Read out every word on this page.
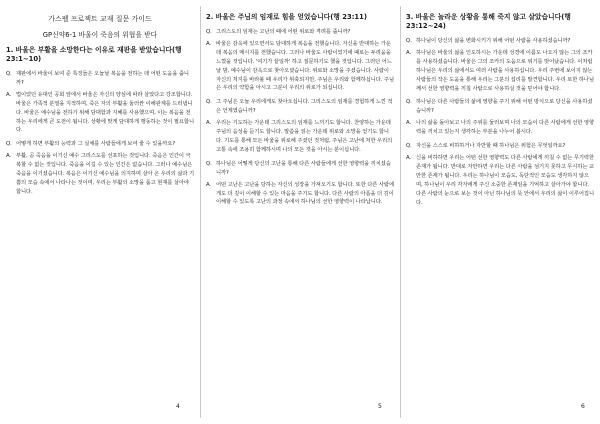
가스펠 프로젝트 교재 질문 가이드
GP신약6-1 바울이 죽음의 위협을 받다
1. 바울은 부활을 소망한다는 이유로 재판을 받았습니다(행23:1~10)
Q. 재판에서 바울이 보여 준 특징들은 오늘날 복음을 전하는 데 어떤 도움을 줍니까?
A. 법이었던 유대인 공회 앞에서 바울은 자신의 양심에 따라 살았다고 강조합니다. 바울은 가족적 분열을 지적하며, 죽은 자의 부활을 둘러싼 이해관계를 드러냅니다. 바울은 예수님을 전하기 위해 담대함과 지혜를 사용했으며, 이는 복음을 전하는 우리에게 큰 도전이 됩니다. 상황에 맞게 담대하게 행동하는 것이 필요합니다.
Q. 어떻게 하면 부활의 능력과 그 실체를 사람들에게 보여 줄 수 있을까요?
A. 부활, 곧 죽음을 이기신 예수 그리스도를 선포하는 것입니다. 죽음은 인간이 극복할 수 없는 것입니다. 죽음을 이길 수 있는 인간은 없습니다. 그러나 예수님은 죽음을 이기셨습니다. 복음은 이기신 예수님을 의지하며 살아 온 우리의 삶과 기쁨의 모습 속에서 나타나는 것이며, 우리는 부활의 소망을 품고 현재를 살아야 합니다.
4
2. 바울은 주님의 임재로 힘을 얻었습니다(행 23:11)
Q. 그리스도의 임재는 고난의 때에 어떤 위로와 격려를 줍니까?
A. 바울은 감옥에 있으면서도 담대하게 복음을 전했습니다. 자신을 반대하는 가운데 복음의 메시지를 전했습니다. 그러나 바울도 사람이었기에 때로는 두려움을 느꼈을 것입니다. '여기가 끝일까' 하고 질문하기도 했을 것입니다. 그러던 어느 날 밤, 예수님이 감옥으로 찾아오셨습니다. 위로와 소망을 주셨습니다. 사람이 자신의 처지를 바라볼 때 우리가 위축되지만, 주님은 우리와 함께하십니다. 주님은 우리의 약함을 아시고 그분이 우리의 위로가 되십니다.
Q. 그 주님은 오늘 우리에게도 찾아오십니다. 그리스도의 임재를 경험하게 느낀 적은 언제였습니까?
A. 우리는 기도하는 가운데 그리스도의 임재를 느끼기도 합니다. 찬양하는 가운데 주님의 음성을 듣기도 합니다. 말씀을 읽는 가운데 위로와 소망을 얻기도 합니다. 기도를 통해 모든 바울을 위로해 주셨던 것처럼, 주님은 고난에 처한 우리의 고통 속에 조용히 함께하시며 나의 모든 것을 아시는 분이십니다.
Q. 하나님은 어떻게 당신의 고난을 통해 다른 사람들에게 선한 영향력을 끼치셨습니까?
A. 어떤 고난은 고난을 당하는 자신의 성장을 가져오기도 합니다. 또한 다른 사람에게도 더 깊이 이해할 수 있는 마음을 주기도 합니다. 다른 사람의 아픔을 더 깊이 이해할 수 있도록 고난의 과정 속에서 하나님의 선한 영향력이 나타납니다.
5
3. 바울은 놀라운 상황을 통해 죽지 않고 살았습니다(행23:12~24)
Q. 하나님이 당신의 삶을 변화시키기 위해 어떤 사람을 사용하셨습니까?
A. 하나님은 바울의 삶을 인도하시는 가운데 성경에 이름도 나오지 않는 그의 조카를 사용하셨습니다. 바울은 그의 조카의 도움으로 위기를 벗어났습니다. 이처럼 하나님은 우리의 삶에서도 여러 사람을 사용하십니다. 우리 주변에 보이지 않는 사람들의 작은 도움을 통해 우리는 그분의 섭리를 발견합니다. 우리 또한 하나님께서 선한 영향력을 끼칠 사람으로 사용하실 것을 믿어야 합니다.
Q. 하나님은 다른 사람들의 삶에 영향을 주기 위해 어떤 방식으로 당신을 사용하셨습니까?
A. 나의 삶을 돌아보고 나의 주위를 둘러보며 나의 모습이 다른 사람에게 선한 영향력을 끼치고 있는지 생각하는 부분을 나누어 봅시다.
Q. 자신을 스스로 비하하거나 자만할 때 하나님은 위험은 무엇일까요?
A. 신을 비하하면 우리는 어떤 선한 영향력도 다른 사람에게 끼칠 수 없는 무기력한 존재가 됩니다. 반대로 자만하면 우리는 다른 사람을 섬기지 못하고 무시하는 교만한 존재가 됩니다. 우리는 하나님이 모습도, 독단적인 모습도 생각하지 않으며, 하나님이 우리 각자에게 주신 소중한 존재임을 기억하고 살아가야 합니다. 다른 사람의 눈으로 보는 것이 아닌 하나님의 뜻 안에서 우리의 삶이 이루어집니다.
6
